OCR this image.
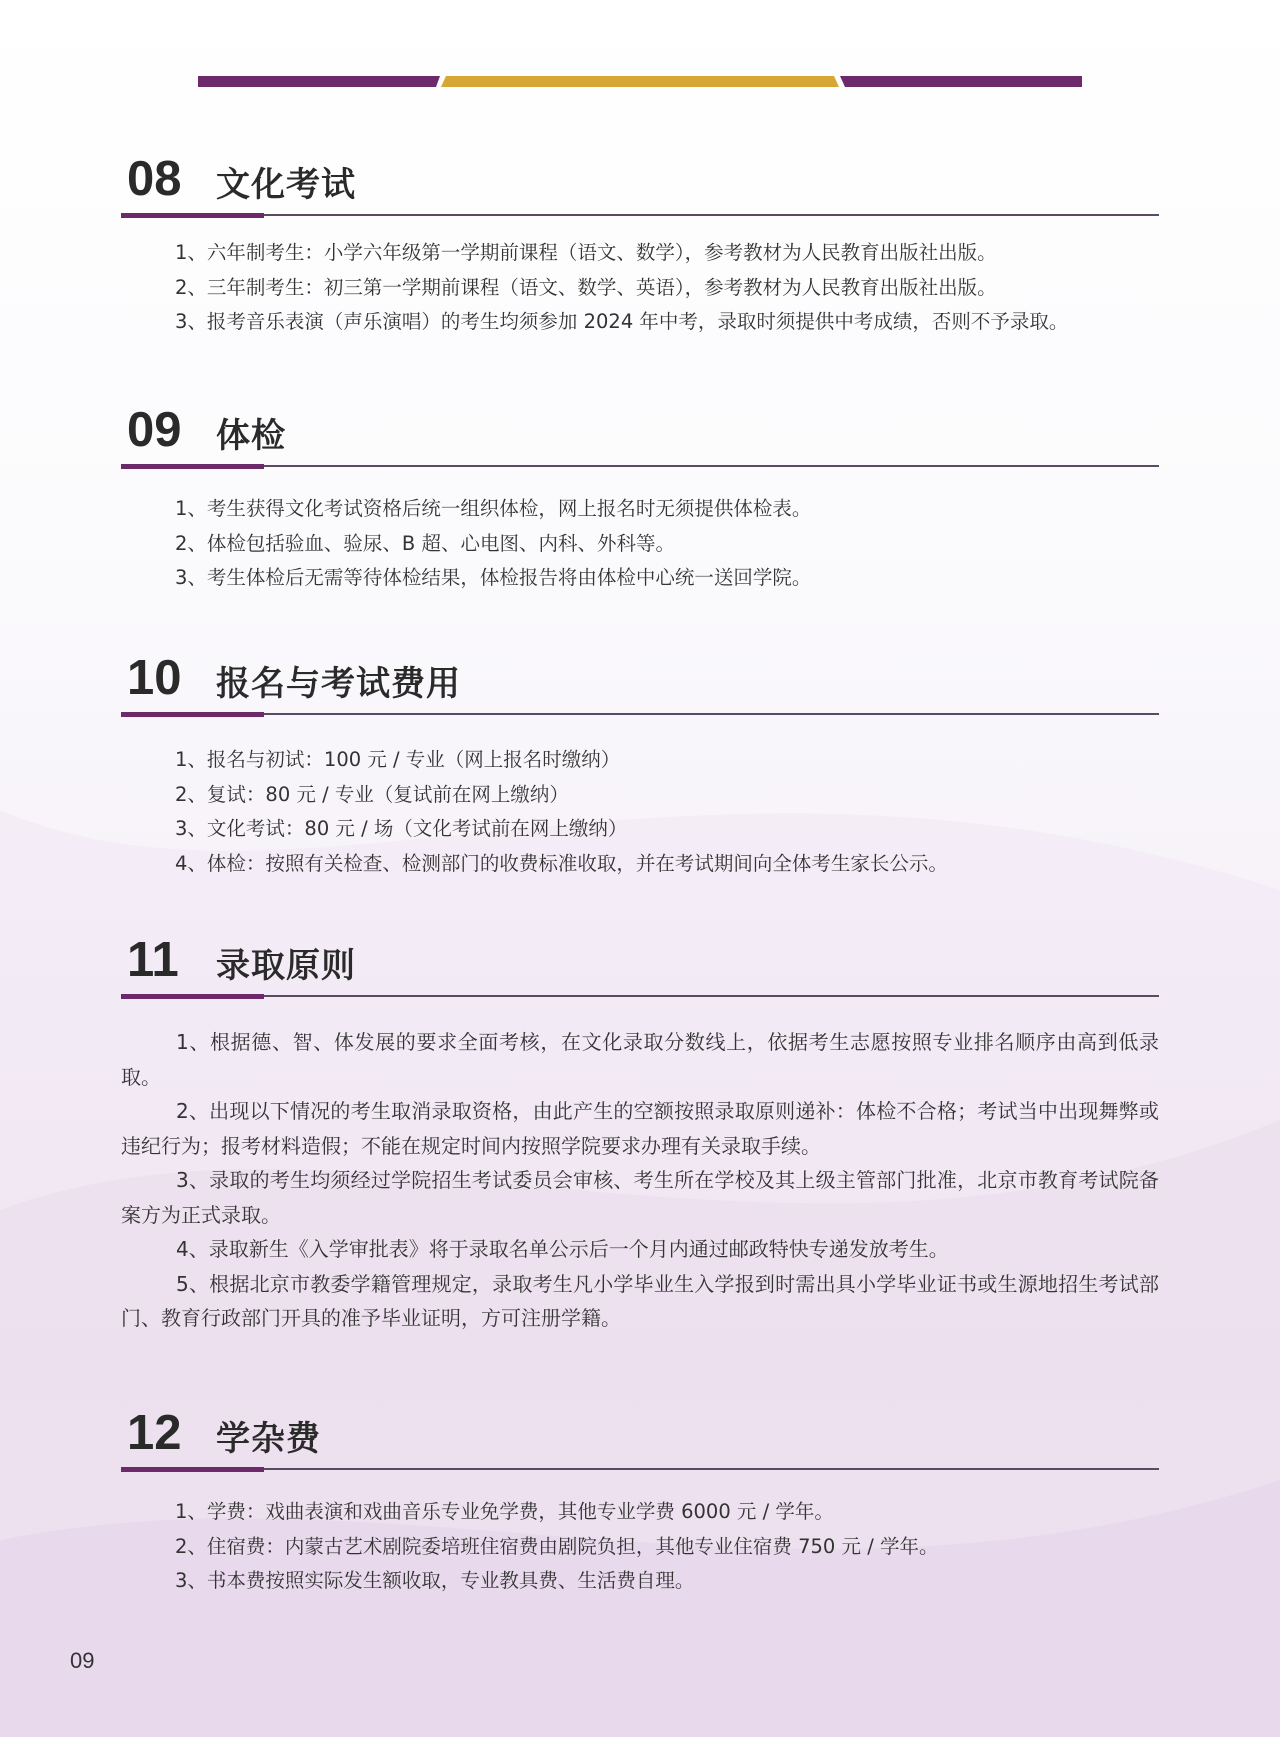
08 文化考试
1、六年制考生：小学六年级第一学期前课程（语文、数学），参考教材为人民教育出版社出版。
2、三年制考生：初三第一学期前课程（语文、数学、英语），参考教材为人民教育出版社出版。
3、报考音乐表演（声乐演唱）的考生均须参加 2024 年中考，录取时须提供中考成绩，否则不予录取。
09 体检
1、考生获得文化考试资格后统一组织体检，网上报名时无须提供体检表。
2、体检包括验血、验尿、B 超、心电图、内科、外科等。
3、考生体检后无需等待体检结果，体检报告将由体检中心统一送回学院。
10 报名与考试费用
1、报名与初试：100 元 / 专业（网上报名时缴纳）
2、复试：80 元 / 专业（复试前在网上缴纳）
3、文化考试：80 元 / 场（文化考试前在网上缴纳）
4、体检：按照有关检查、检测部门的收费标准收取，并在考试期间向全体考生家长公示。
11 录取原则

1、根据德、智、体发展的要求全面考核，在文化录取分数线上，依据考生志愿按照专业排名顺序由高到低录取。

2、出现以下情况的考生取消录取资格，由此产生的空额按照录取原则递补：体检不合格；考试当中出现舞弊或违纪行为；报考材料造假；不能在规定时间内按照学院要求办理有关录取手续。

3、录取的考生均须经过学院招生考试委员会审核、考生所在学校及其上级主管部门批准，北京市教育考试院备案方为正式录取。

4、录取新生《入学审批表》将于录取名单公示后一个月内通过邮政特快专递发放考生。

5、根据北京市教委学籍管理规定，录取考生凡小学毕业生入学报到时需出具小学毕业证书或生源地招生考试部门、教育行政部门开具的准予毕业证明，方可注册学籍。

12 学杂费
1、学费：戏曲表演和戏曲音乐专业免学费，其他专业学费 6000 元 / 学年。
2、住宿费：内蒙古艺术剧院委培班住宿费由剧院负担，其他专业住宿费 750 元 / 学年。
3、书本费按照实际发生额收取，专业教具费、生活费自理。
09
